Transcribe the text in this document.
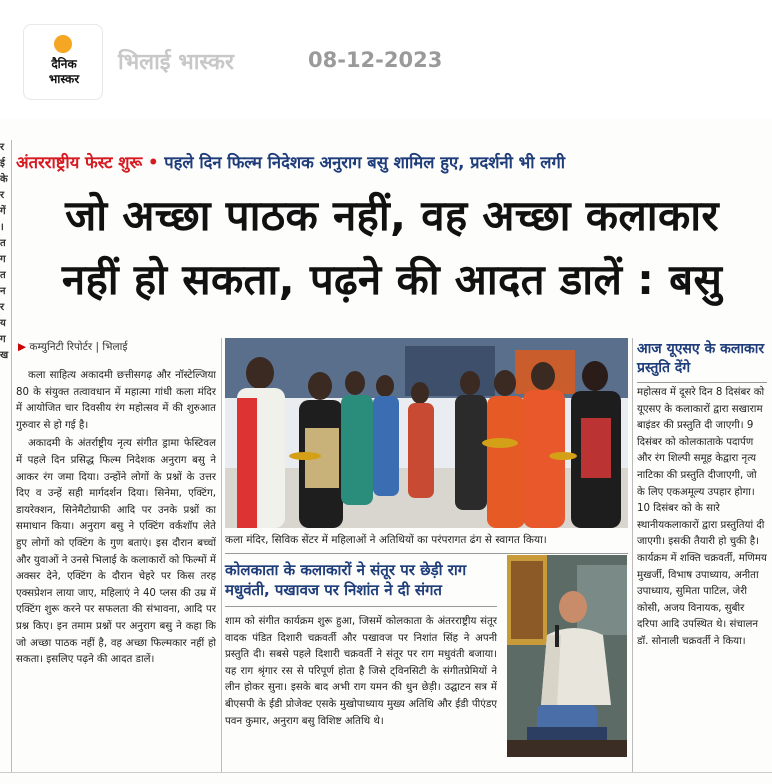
दैनिक
भास्कर
भिलाई भास्कर	08-12-2023
र
ई
के
र
गें
।
त
ग
त
न
र
य
ग
ख
अंतरराष्ट्रीय फेस्ट शुरू • पहले दिन फिल्म निदेशक अनुराग बसु शामिल हुए, प्रदर्शनी भी लगी
जो अच्छा पाठक नहीं, वह अच्छा कलाकार
नहीं हो सकता, पढ़ने की आदत डालें : बसु
▶ कम्युनिटी रिपोर्टर | भिलाई

कला साहित्य अकादमी छत्तीसगढ़ और नॉस्टेल्जिया 80 के संयुक्त तत्वावधान में महात्मा गांधी कला मंदिर में आयोजित चार दिवसीय रंग महोत्सव में की शुरुआत गुरुवार से हो गई है।

अकादमी के अंतर्राष्ट्रीय नृत्य संगीत ड्रामा फेस्टिवल में पहले दिन प्रसिद्ध फिल्म निदेशक अनुराग बसु ने आकर रंग जमा दिया। उन्होंने लोगों के प्रश्नों के उत्तर दिए व उन्हें सही मार्गदर्शन दिया। सिनेमा, एक्टिंग, डायरेक्शन, सिनेमैटोग्राफी आदि पर उनके प्रश्नों का समाधान किया। अनुराग बसु ने एक्टिंग वर्कशॉप लेते हुए लोगों को एक्टिंग के गुण बताएं। इस दौरान बच्चों और युवाओं ने उनसे भिलाई के कलाकारों को फिल्मों में अक्सर देने, एक्टिंग के दौरान चेहरे पर किस तरह एक्सप्रेशन लाया जाए, महिलाएं ने 40 प्लस की उम्र में एक्टिंग शुरू करने पर सफलता की संभावना, आदि पर प्रश्न किए। इन तमाम प्रश्नों पर अनुराग बसु ने कहा कि जो अच्छा पाठक नहीं है, वह अच्छा फिल्मकार नहीं हो सकता। इसलिए पढ़ने की आदत डालें।

कला मंदिर, सिविक सेंटर में महिलाओं ने अतिथियों का परंपरागत ढंग से स्वागत किया।
कोलकाता के कलाकारों ने संतूर पर छेड़ी राग मधुवंती, पखावज पर निशांत ने दी संगत
शाम को संगीत कार्यक्रम शुरू हुआ, जिसमें कोलकाता के अंतरराष्ट्रीय संतूर वादक पंडित दिशारी चक्रवर्ती और पखावज पर निशांत सिंह ने अपनी प्रस्तुति दी। सबसे पहले दिशारी चक्रवर्ती ने संतूर पर राग मधुवंती बजाया। यह राग श्रृंगार रस से परिपूर्ण होता है जिसे ट्विनसिटी के संगीतप्रेमियों ने लीन होकर सुना। इसके बाद अभी राग यमन की धुन छेड़ी। उद्घाटन सत्र में बीएसपी के ईडी प्रोजेक्ट एसके मुखोपाध्याय मुख्य अतिथि और ईडी पीएंडए पवन कुमार, अनुराग बसु विशिष्ट अतिथि थे।
आज यूएसए के कलाकार प्रस्तुति देंगे
महोत्सव में दूसरे दिन 8 दिसंबर को यूएसए के कलाकारों द्वारा सखाराम बाइंडर की प्रस्तुति दी जाएगी। 9 दिसंबर को कोलकाताके पदार्पण और रंग शिल्पी समूह केद्वारा नृत्य नाटिका की प्रस्तुति दीजाएगी, जो के लिए एकअमूल्य उपहार होगा। 10 दिसंबर को के सारे स्थानीयकलाकारों द्वारा प्रस्तुतियां दी जाएगी। इसकी तैयारी हो चुकी है। कार्यक्रम में शक्ति चक्रवर्ती, मणिमय मुखर्जी, विभाष उपाध्याय, अनीता उपाध्याय, सुमिता पाटिल, जेरी कोसी, अजय विनायक, सुबीर दरिपा आदि उपस्थित थे। संचालन डॉ. सोनाली चक्रवर्ती ने किया।
